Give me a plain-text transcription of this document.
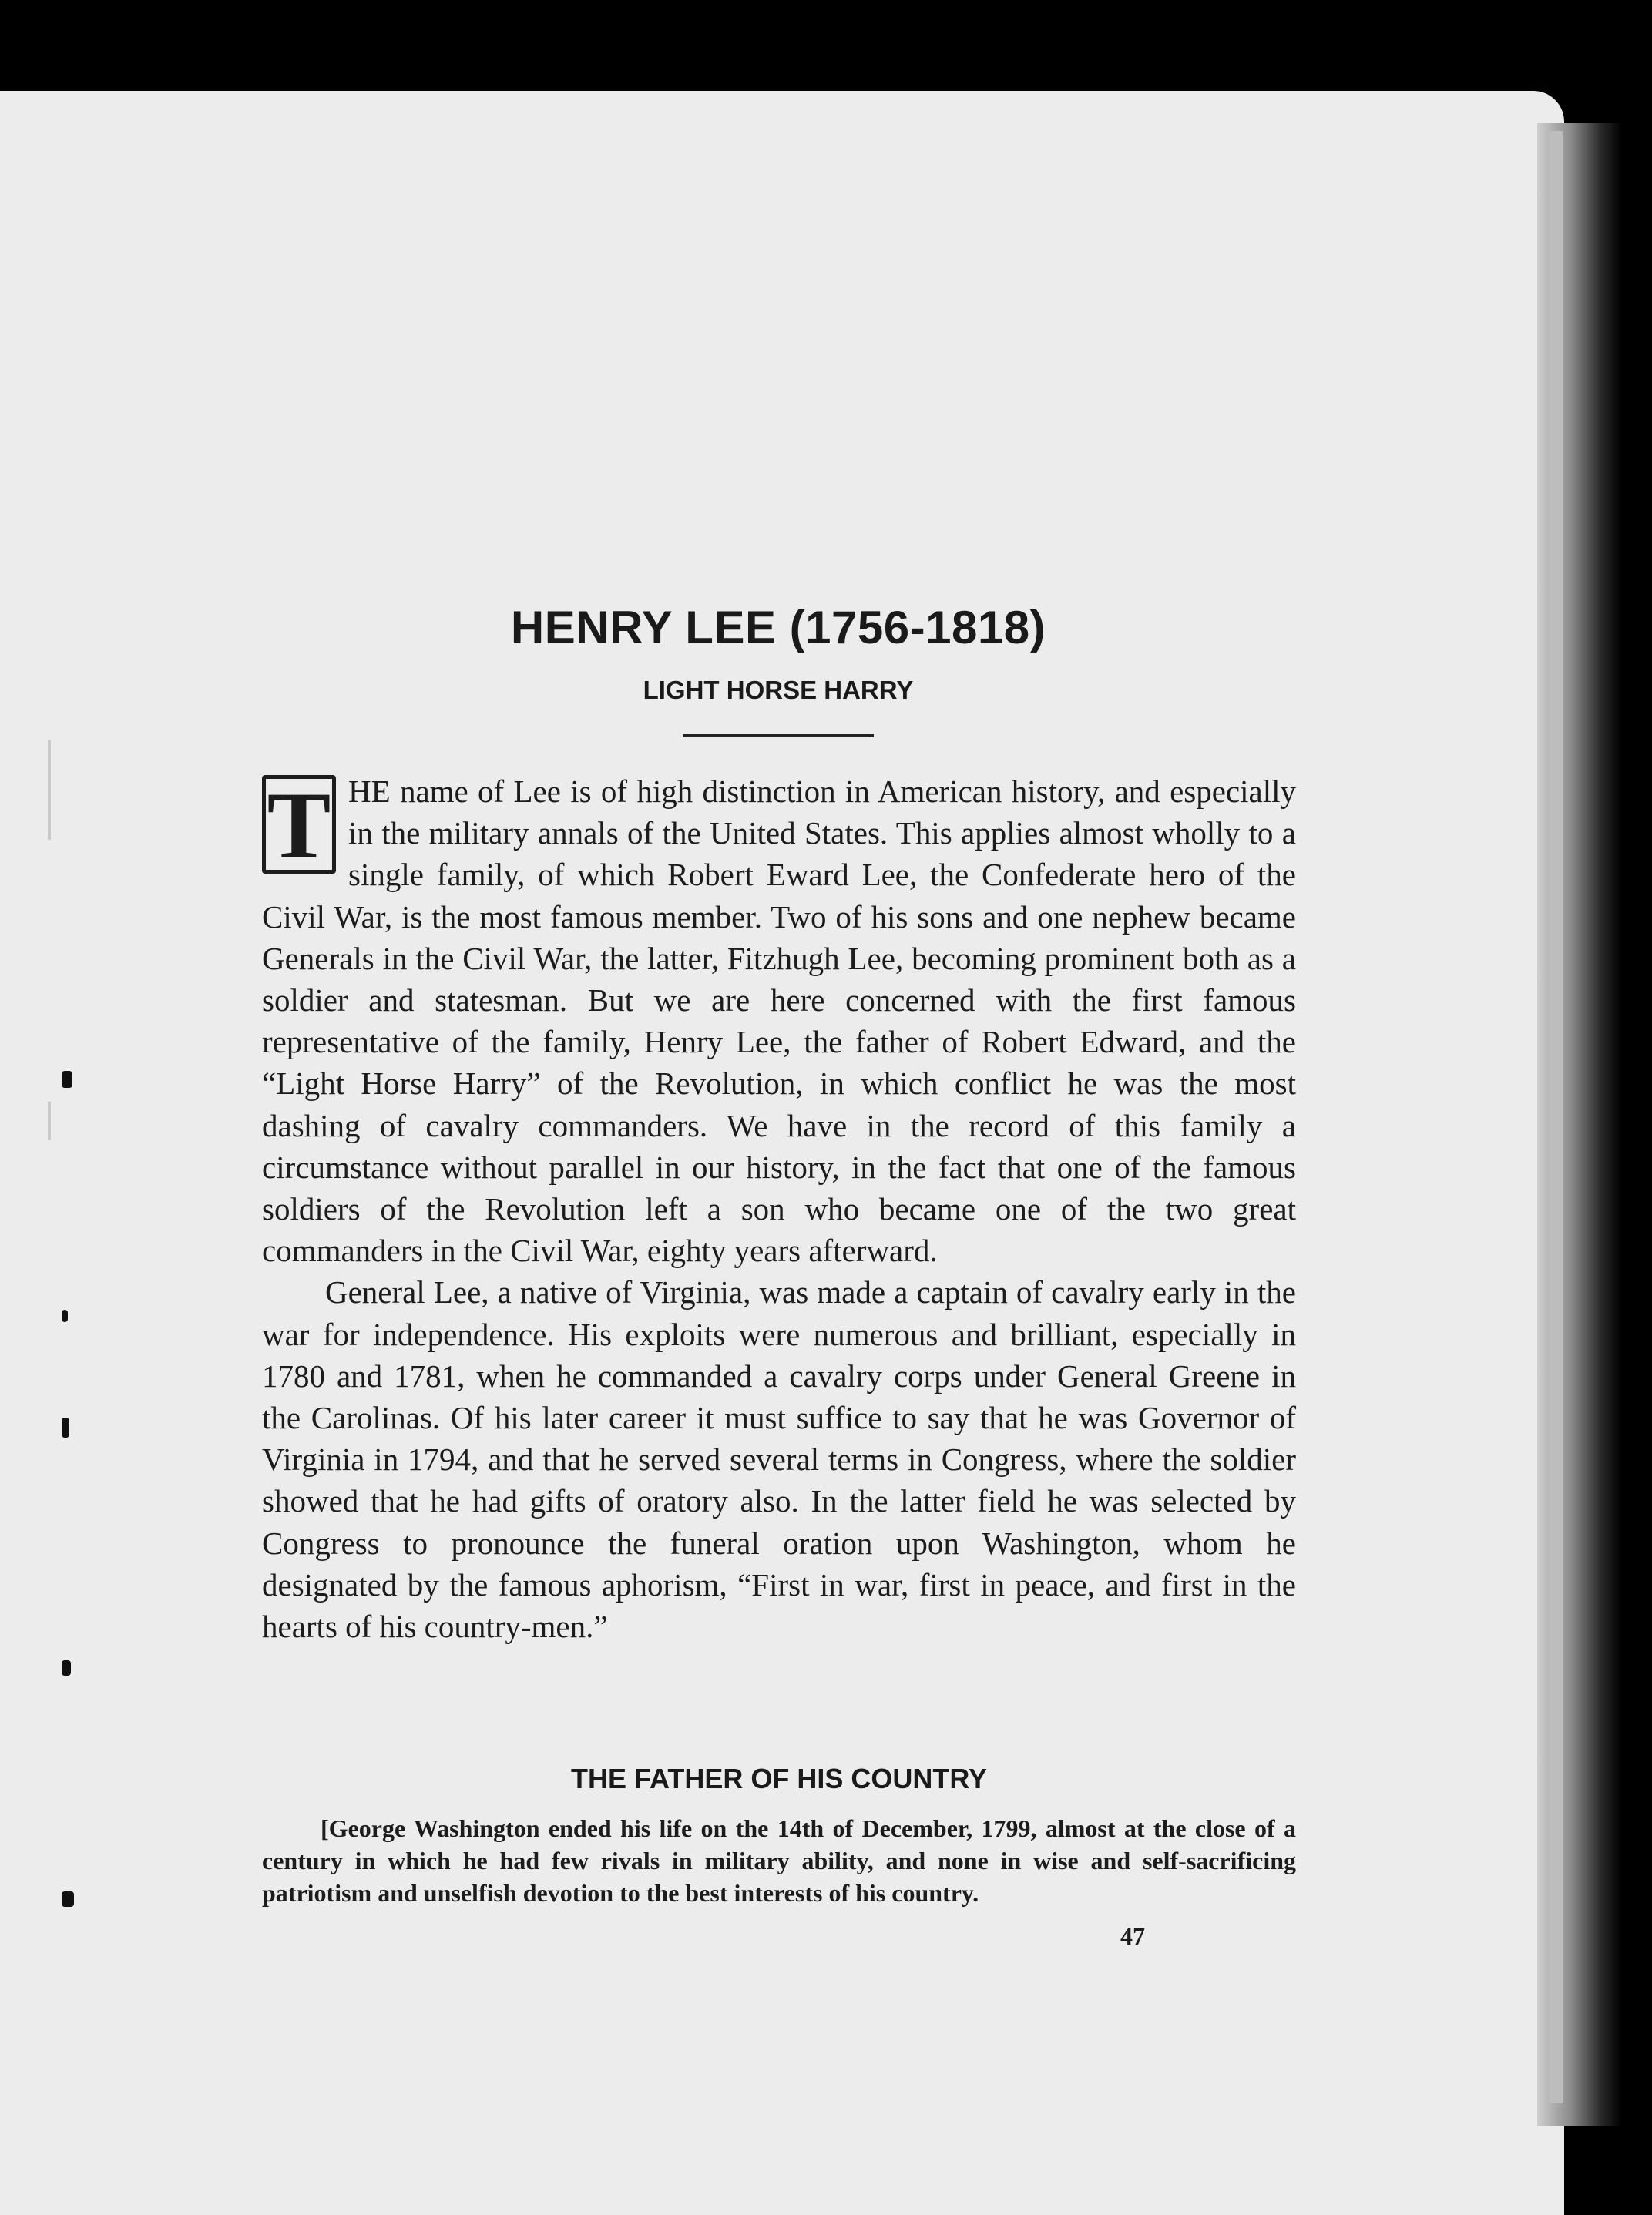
HENRY LEE (1756-1818)
LIGHT HORSE HARRY

T HE name of Lee is of high distinction in American history, and especially in the military annals of the United States. This applies almost wholly to a single family, of which Robert Eward Lee, the Confederate hero of the Civil War, is the most famous member. Two of his sons and one nephew became Generals in the Civil War, the latter, Fitzhugh Lee, becoming prominent both as a soldier and statesman. But we are here concerned with the first famous representative of the family, Henry Lee, the father of Robert Edward, and the “Light Horse Harry” of the Revolution, in which conflict he was the most dashing of cavalry commanders. We have in the record of this family a circumstance without parallel in our history, in the fact that one of the famous soldiers of the Revolution left a son who became one of the two great commanders in the Civil War, eighty years afterward.

General Lee, a native of Virginia, was made a captain of cavalry early in the war for independence. His exploits were numerous and brilliant, especially in 1780 and 1781, when he commanded a cavalry corps under General Greene in the Carolinas. Of his later career it must suffice to say that he was Governor of Virginia in 1794, and that he served several terms in Congress, where the soldier showed that he had gifts of oratory also. In the latter field he was selected by Congress to pronounce the funeral oration upon Washington, whom he designated by the famous aphorism, “First in war, first in peace, and first in the hearts of his country-men.”

THE FATHER OF HIS COUNTRY
[George Washington ended his life on the 14th of December, 1799, almost at the close of a century in which he had few rivals in military ability, and none in wise and self-sacrificing patriotism and unselfish devotion to the best interests of his country.
47
